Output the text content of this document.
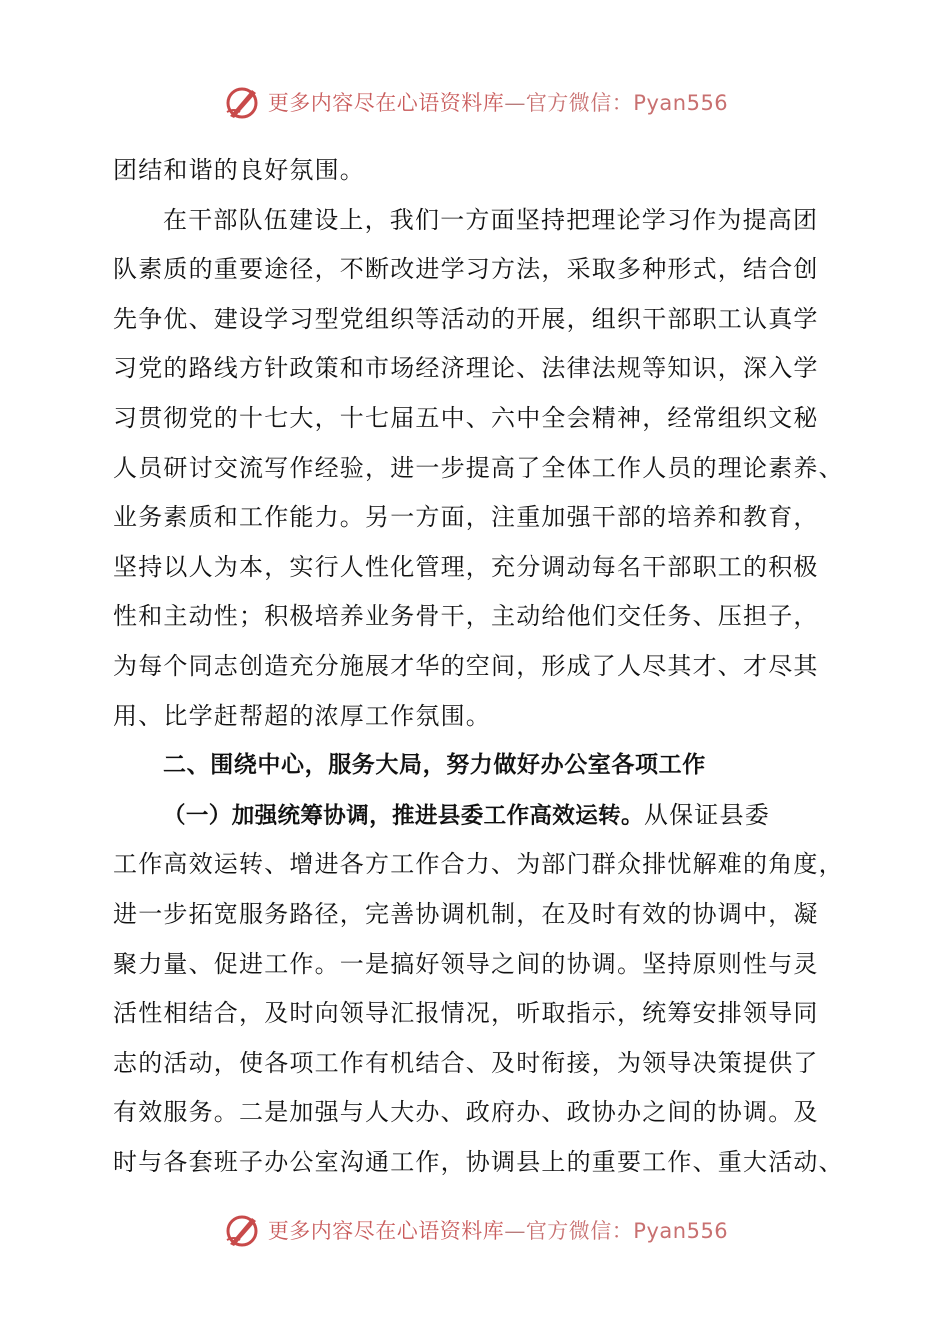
更多内容尽在心语资料库—官方微信：Pyan556
团结和谐的良好氛围。
在干部队伍建设上，我们一方面坚持把理论学习作为提高团
队素质的重要途径，不断改进学习方法，采取多种形式，结合创
先争优、建设学习型党组织等活动的开展，组织干部职工认真学
习党的路线方针政策和市场经济理论、法律法规等知识，深入学
习贯彻党的十七大，十七届五中、六中全会精神，经常组织文秘
人员研讨交流写作经验，进一步提高了全体工作人员的理论素养、
业务素质和工作能力。另一方面，注重加强干部的培养和教育，
坚持以人为本，实行人性化管理，充分调动每名干部职工的积极
性和主动性；积极培养业务骨干，主动给他们交任务、压担子，
为每个同志创造充分施展才华的空间，形成了人尽其才、才尽其
用、比学赶帮超的浓厚工作氛围。
二、围绕中心，服务大局，努力做好办公室各项工作
（一）加强统筹协调，推进县委工作高效运转。从保证县委
工作高效运转、增进各方工作合力、为部门群众排忧解难的角度，
进一步拓宽服务路径，完善协调机制，在及时有效的协调中，凝
聚力量、促进工作。一是搞好领导之间的协调。坚持原则性与灵
活性相结合，及时向领导汇报情况，听取指示，统筹安排领导同
志的活动，使各项工作有机结合、及时衔接，为领导决策提供了
有效服务。二是加强与人大办、政府办、政协办之间的协调。及
时与各套班子办公室沟通工作，协调县上的重要工作、重大活动、
更多内容尽在心语资料库—官方微信：Pyan556
